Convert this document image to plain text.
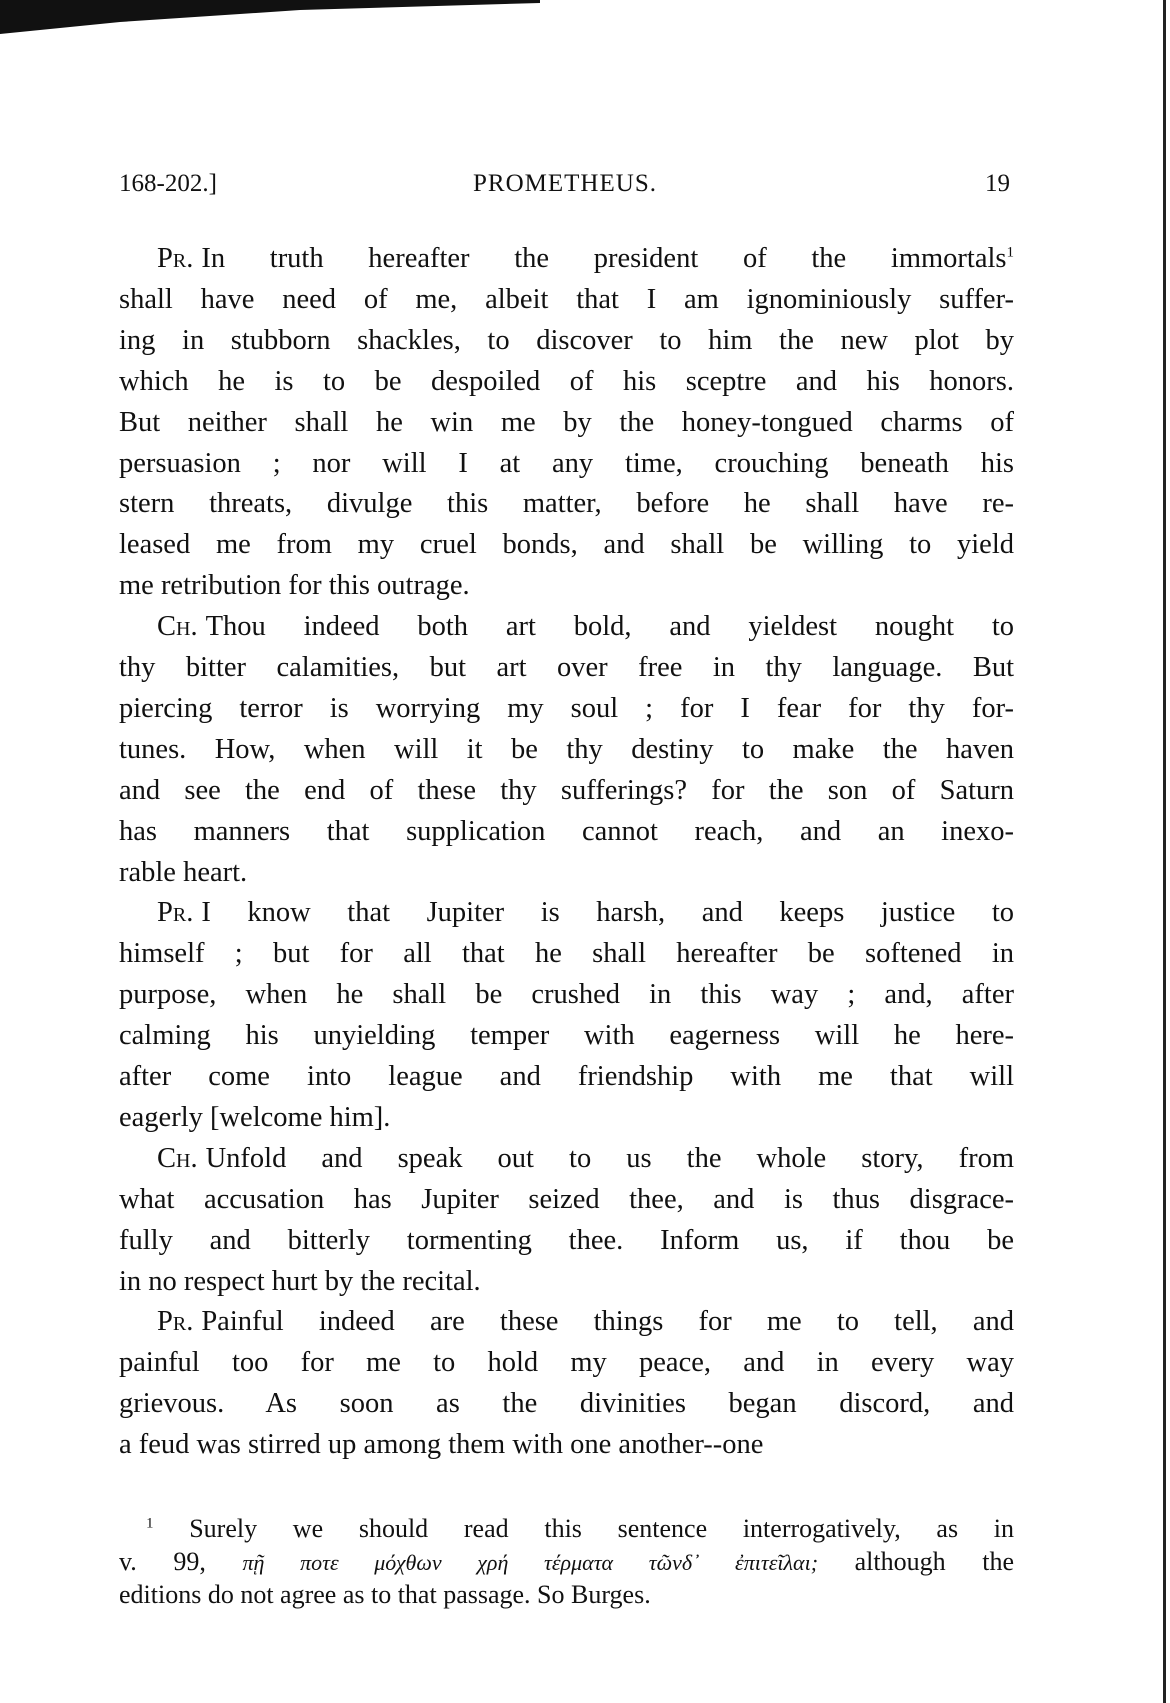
168-202.]	PROMETHEUS.	19
Pr. In truth hereafter the president of the immortals$^1$
shall have need of me, albeit that I am ignominiously suffer-
ing in stubborn shackles, to discover to him the new plot by
which he is to be despoiled of his sceptre and his honors.
But neither shall he win me by the honey-tongued charms of
persuasion ; nor will I at any time, crouching beneath his
stern threats, divulge this matter, before he shall have re-
leased me from my cruel bonds, and shall be willing to yield
me retribution for this outrage.
Ch. Thou indeed both art bold, and yieldest nought to
thy bitter calamities, but art over free in thy language. But
piercing terror is worrying my soul ; for I fear for thy for-
tunes. How, when will it be thy destiny to make the haven
and see the end of these thy sufferings? for the son of Saturn
has manners that supplication cannot reach, and an inexo-
rable heart.
Pr. I know that Jupiter is harsh, and keeps justice to
himself ; but for all that he shall hereafter be softened in
purpose, when he shall be crushed in this way ; and, after
calming his unyielding temper with eagerness will he here-
after come into league and friendship with me that will
eagerly [welcome him].
Ch. Unfold and speak out to us the whole story, from
what accusation has Jupiter seized thee, and is thus disgrace-
fully and bitterly tormenting thee. Inform us, if thou be
in no respect hurt by the recital.
Pr. Painful indeed are these things for me to tell, and
painful too for me to hold my peace, and in every way
grievous. As soon as the divinities began discord, and
a feud was stirred up among them with one another--one
$^1$ Surely we should read this sentence interrogatively, as in
v. 99, πῇ ποτε μόχθων χρή τέρματα τῶνδ᾽ ἐπιτεῖλαι; although the
editions do not agree as to that passage. So Burges.
